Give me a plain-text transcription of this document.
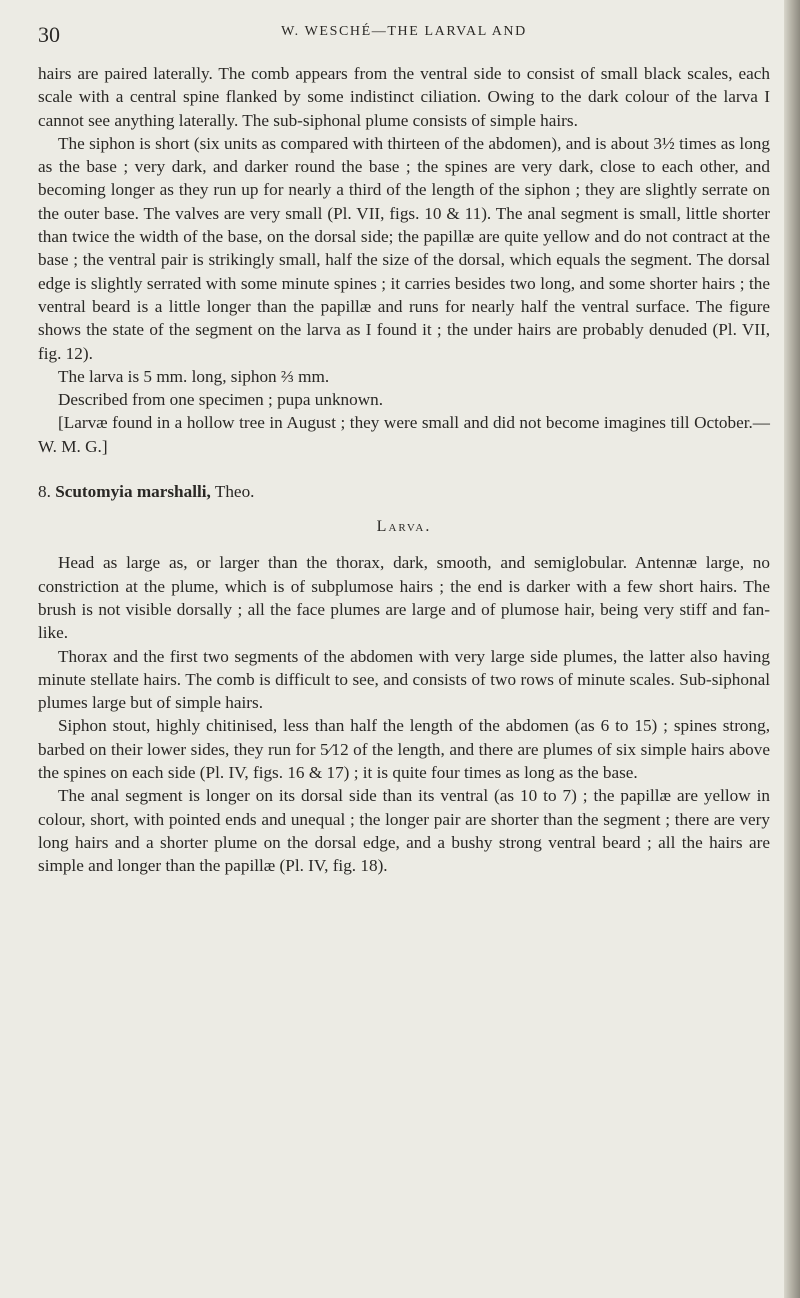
30	W. WESCHÉ—THE LARVAL AND

hairs are paired laterally. The comb appears from the ventral side to consist of small black scales, each scale with a central spine flanked by some indistinct ciliation. Owing to the dark colour of the larva I cannot see anything laterally. The sub-siphonal plume consists of simple hairs.

The siphon is short (six units as compared with thirteen of the abdomen), and is about 3½ times as long as the base ; very dark, and darker round the base ; the spines are very dark, close to each other, and becoming longer as they run up for nearly a third of the length of the siphon ; they are slightly serrate on the outer base. The valves are very small (Pl. VII, figs. 10 & 11). The anal segment is small, little shorter than twice the width of the base, on the dorsal side; the papillæ are quite yellow and do not contract at the base ; the ventral pair is strikingly small, half the size of the dorsal, which equals the segment. The dorsal edge is slightly serrated with some minute spines ; it carries besides two long, and some shorter hairs ; the ventral beard is a little longer than the papillæ and runs for nearly half the ventral surface. The figure shows the state of the segment on the larva as I found it ; the under hairs are probably denuded (Pl. VII, fig. 12).

The larva is 5 mm. long, siphon ⅔ mm.

Described from one specimen ; pupa unknown.

[Larvæ found in a hollow tree in August ; they were small and did not become imagines till October.—W. M. G.]

8. Scutomyia marshalli, Theo.
Larva.

Head as large as, or larger than the thorax, dark, smooth, and semiglobular. Antennæ large, no constriction at the plume, which is of subplumose hairs ; the end is darker with a few short hairs. The brush is not visible dorsally ; all the face plumes are large and of plumose hair, being very stiff and fan-like.

Thorax and the first two segments of the abdomen with very large side plumes, the latter also having minute stellate hairs. The comb is difficult to see, and consists of two rows of minute scales. Sub-siphonal plumes large but of simple hairs.

Siphon stout, highly chitinised, less than half the length of the abdomen (as 6 to 15) ; spines strong, barbed on their lower sides, they run for 5⁄12 of the length, and there are plumes of six simple hairs above the spines on each side (Pl. IV, figs. 16 & 17) ; it is quite four times as long as the base.

The anal segment is longer on its dorsal side than its ventral (as 10 to 7) ; the papillæ are yellow in colour, short, with pointed ends and unequal ; the longer pair are shorter than the segment ; there are very long hairs and a shorter plume on the dorsal edge, and a bushy strong ventral beard ; all the hairs are simple and longer than the papillæ (Pl. IV, fig. 18).
